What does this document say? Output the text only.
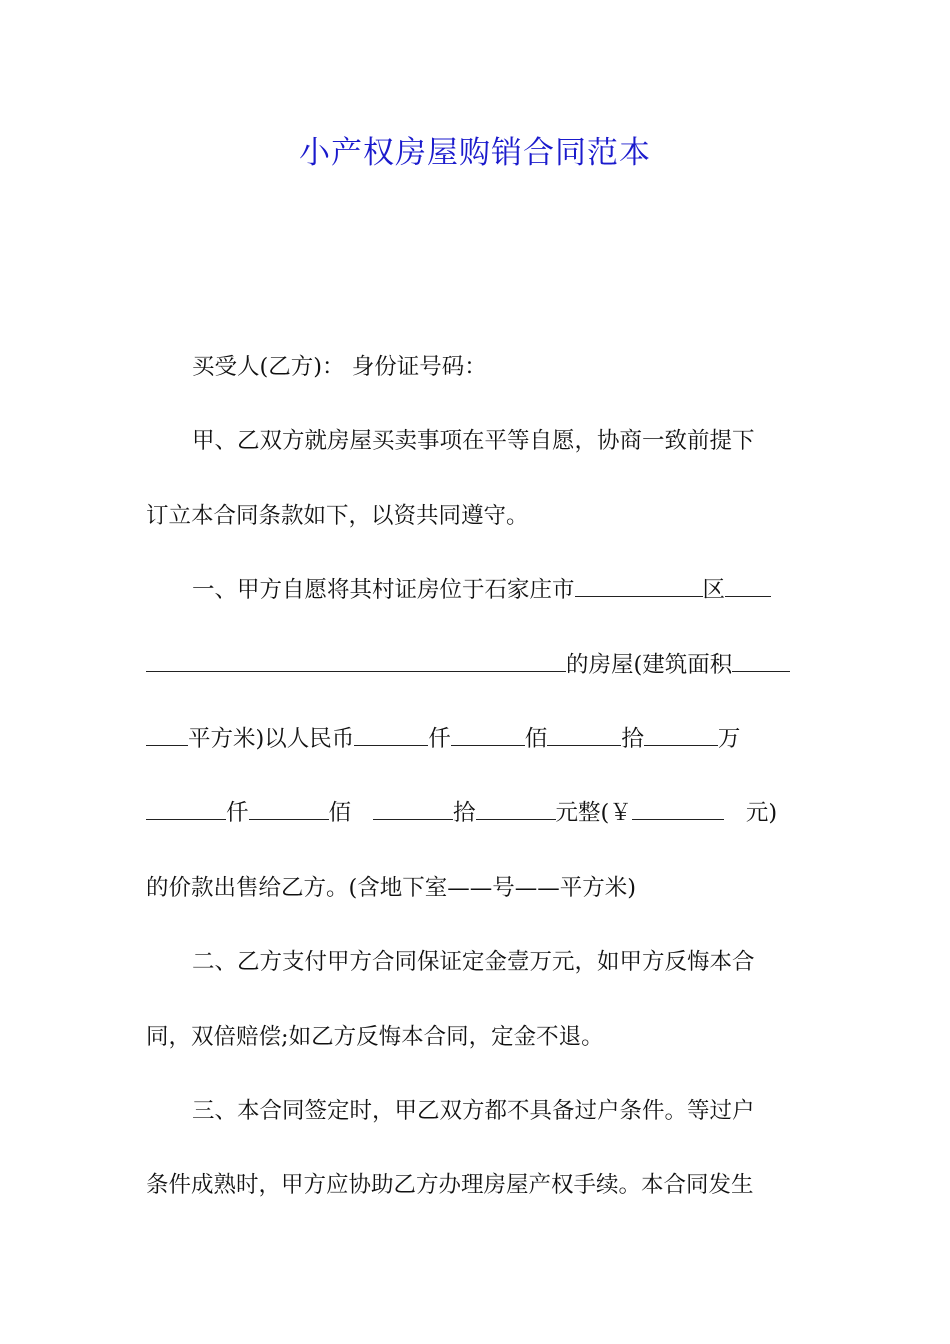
小产权房屋购销合同范本
买受人(乙方)： 身份证号码：
甲、乙双方就房屋买卖事项在平等自愿，协商一致前提下
订立本合同条款如下，以资共同遵守。
一、甲方自愿将其村证房位于石家庄市	区
的房屋(建筑面积
平方米)以人民币	仟	佰	拾	万
仟	佰	拾	元整(￥	元)
的价款出售给乙方。(含地下室——号——平方米)
二、乙方支付甲方合同保证定金壹万元，如甲方反悔本合
同，双倍赔偿;如乙方反悔本合同，定金不退。
三、本合同签定时，甲乙双方都不具备过户条件。等过户
条件成熟时，甲方应协助乙方办理房屋产权手续。本合同发生
